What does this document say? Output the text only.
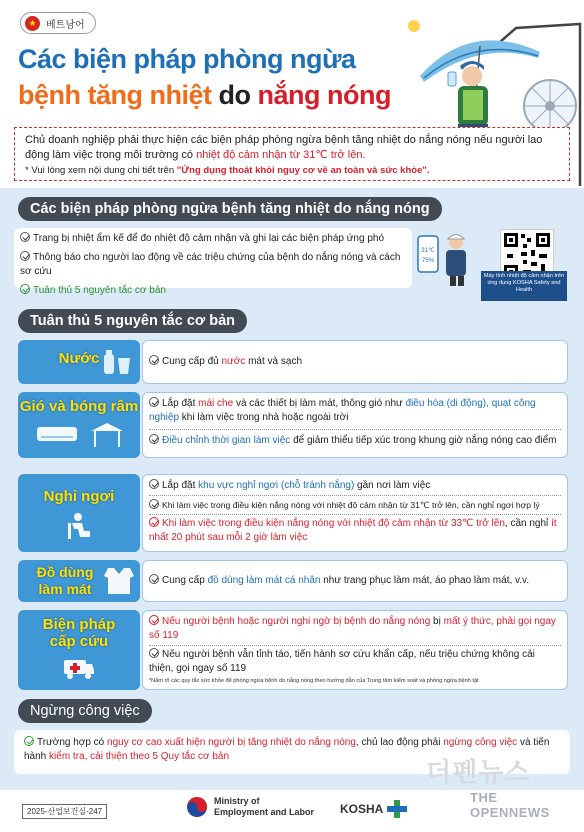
★ 베트남어
Các biện pháp phòng ngừa
bệnh tăng nhiệt do nắng nóng
Chủ doanh nghiệp phải thực hiện các biện pháp phòng ngừa bệnh tăng nhiệt do nắng nóng nếu người lao động làm việc trong môi trường có nhiệt độ cảm nhận từ 31℃ trở lên.
* Vui lòng xem nội dung chi tiết trên "Ứng dụng thoát khỏi nguy cơ về an toàn và sức khỏe".
Các biện pháp phòng ngừa bệnh tăng nhiệt do nắng nóng
Trang bị nhiệt ẩm kế để đo nhiệt độ cảm nhận và ghi lại các biện pháp ứng phó
Thông báo cho người lao động về các triệu chứng của bệnh do nắng nóng và cách sơ cứu
Tuân thủ 5 nguyên tắc cơ bản
31℃
75%
Máy tính nhiệt độ cảm nhận trên ứng dụng KOSHA Safety and Health
Tuân thủ 5 nguyên tắc cơ bản
Nước	Cung cấp đủ nước mát và sạch
Gió và bóng râm	Lắp đặt mái che và các thiết bị làm mát, thông gió như điều hòa (di động), quạt công nghiệp khi làm việc trong nhà hoặc ngoài trời
Điều chỉnh thời gian làm việc để giảm thiểu tiếp xúc trong khung giờ nắng nóng cao điểm
Nghỉ ngơi
Lắp đặt khu vực nghỉ ngơi (chỗ tránh nắng) gần nơi làm việc
Khi làm việc trong điều kiện nắng nóng với nhiệt độ cảm nhận từ 31℃ trở lên, cần nghỉ ngơi hợp lý
Khi làm việc trong điều kiện nắng nóng với nhiệt độ cảm nhận từ 33℃ trở lên, cần nghỉ ít nhất 20 phút sau mỗi 2 giờ làm việc
Đồ dùng làm mát
Cung cấp đồ dùng làm mát cá nhân như trang phục làm mát, áo phao làm mát, v.v.
Biện pháp cấp cứu
Nếu người bệnh hoặc người nghi ngờ bị bệnh do nắng nóng bị mất ý thức, phải gọi ngay số 119
Nếu người bệnh vẫn tỉnh táo, tiến hành sơ cứu khẩn cấp, nếu triệu chứng không cải thiện, gọi ngay số 119
*Nắm rõ các quy tắc sức khỏe để phòng ngừa bệnh do nắng nóng theo hướng dẫn của Trung tâm kiểm soát và phòng ngừa bệnh tật
Ngừng công việc
Trường hợp có nguy cơ cao xuất hiện người bị tăng nhiệt do nắng nóng, chủ lao động phải ngừng công việc và tiến hành kiểm tra, cải thiện theo 5 Quy tắc cơ bản
2025-산업보건실-247
Ministry of
Employment and Labor KOSHA
더펜뉴스
THE OPENNEWS
